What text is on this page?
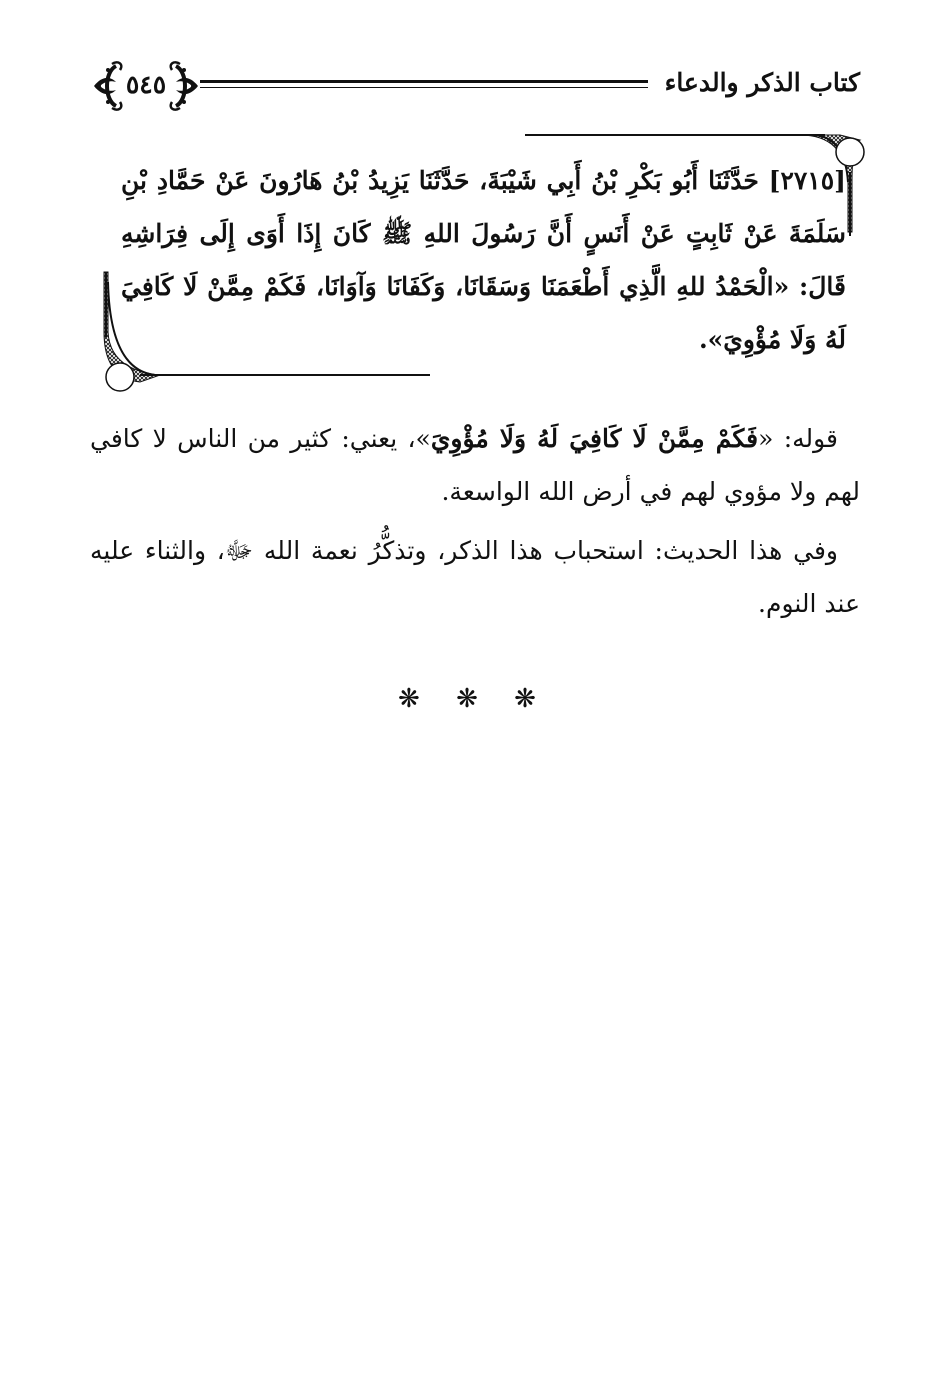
كتاب الذكر والدعاء
٥٤٥
[٢٧١٥] حَدَّثَنَا أَبُو بَكْرِ بْنُ أَبِي شَيْبَةَ، حَدَّثَنَا يَزِيدُ بْنُ هَارُونَ عَنْ حَمَّادِ بْنِ سَلَمَةَ عَنْ ثَابِتٍ عَنْ أَنَسٍ أَنَّ رَسُولَ اللهِ ﷺ كَانَ إِذَا أَوَى إِلَى فِرَاشِهِ قَالَ: «الْحَمْدُ للهِ الَّذِي أَطْعَمَنَا وَسَقَانَا، وَكَفَانَا وَآوَانَا، فَكَمْ مِمَّنْ لَا كَافِيَ لَهُ وَلَا مُؤْوِيَ».

قوله: «فَكَمْ مِمَّنْ لَا كَافِيَ لَهُ وَلَا مُؤْوِيَ»، يعني: كثير من الناس لا كافي لهم ولا مؤوي لهم في أرض الله الواسعة.

وفي هذا الحديث: استحباب هذا الذكر، وتذكُّرُ نعمة الله ﷻ، والثناء عليه عند النوم.

❋ ❋ ❋
